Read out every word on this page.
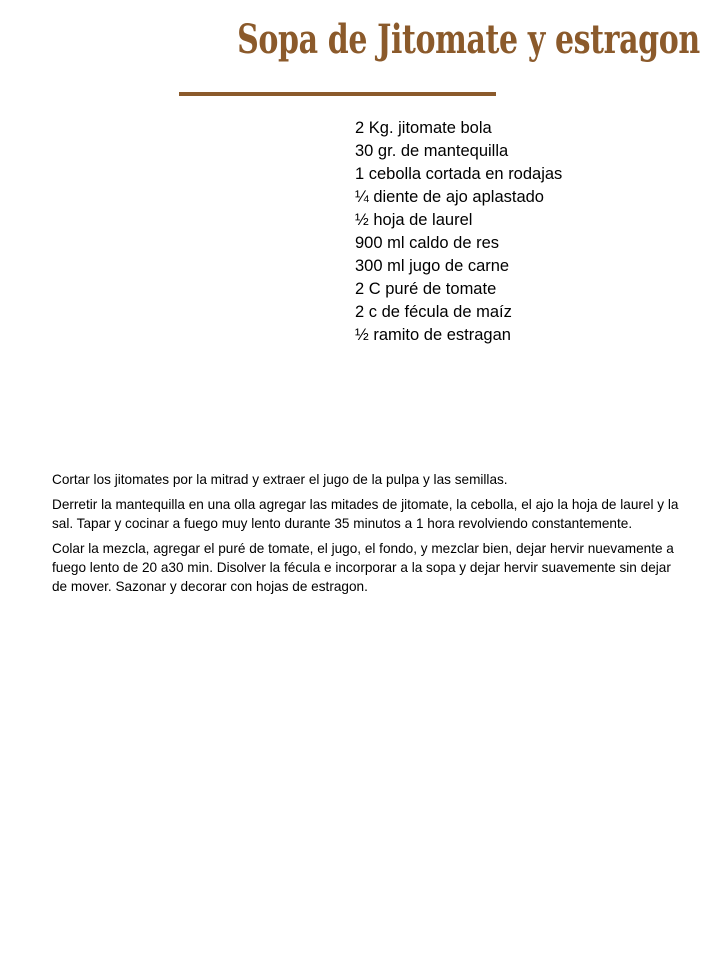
Sopa de Jitomate y estragon
2 Kg. jitomate bola
30 gr. de mantequilla
1 cebolla cortada en rodajas
¼ diente de ajo aplastado
½ hoja de laurel
900 ml caldo de res
300 ml jugo de carne
2 C puré de tomate
2 c de fécula de maíz
½ ramito de estragan

Cortar los jitomates por la mitrad y extraer el jugo de la pulpa y las semillas.

Derretir la mantequilla en una olla agregar las mitades de jitomate, la cebolla, el ajo la hoja de laurel y la sal. Tapar y cocinar a fuego muy lento durante 35 minutos a 1 hora revolviendo constantemente.

Colar la mezcla, agregar el puré de tomate, el jugo, el fondo, y mezclar bien, dejar hervir nuevamente a fuego lento de 20 a30 min. Disolver la fécula e incorporar a la sopa y dejar hervir suavemente sin dejar de mover. Sazonar y decorar con hojas de estragon.
